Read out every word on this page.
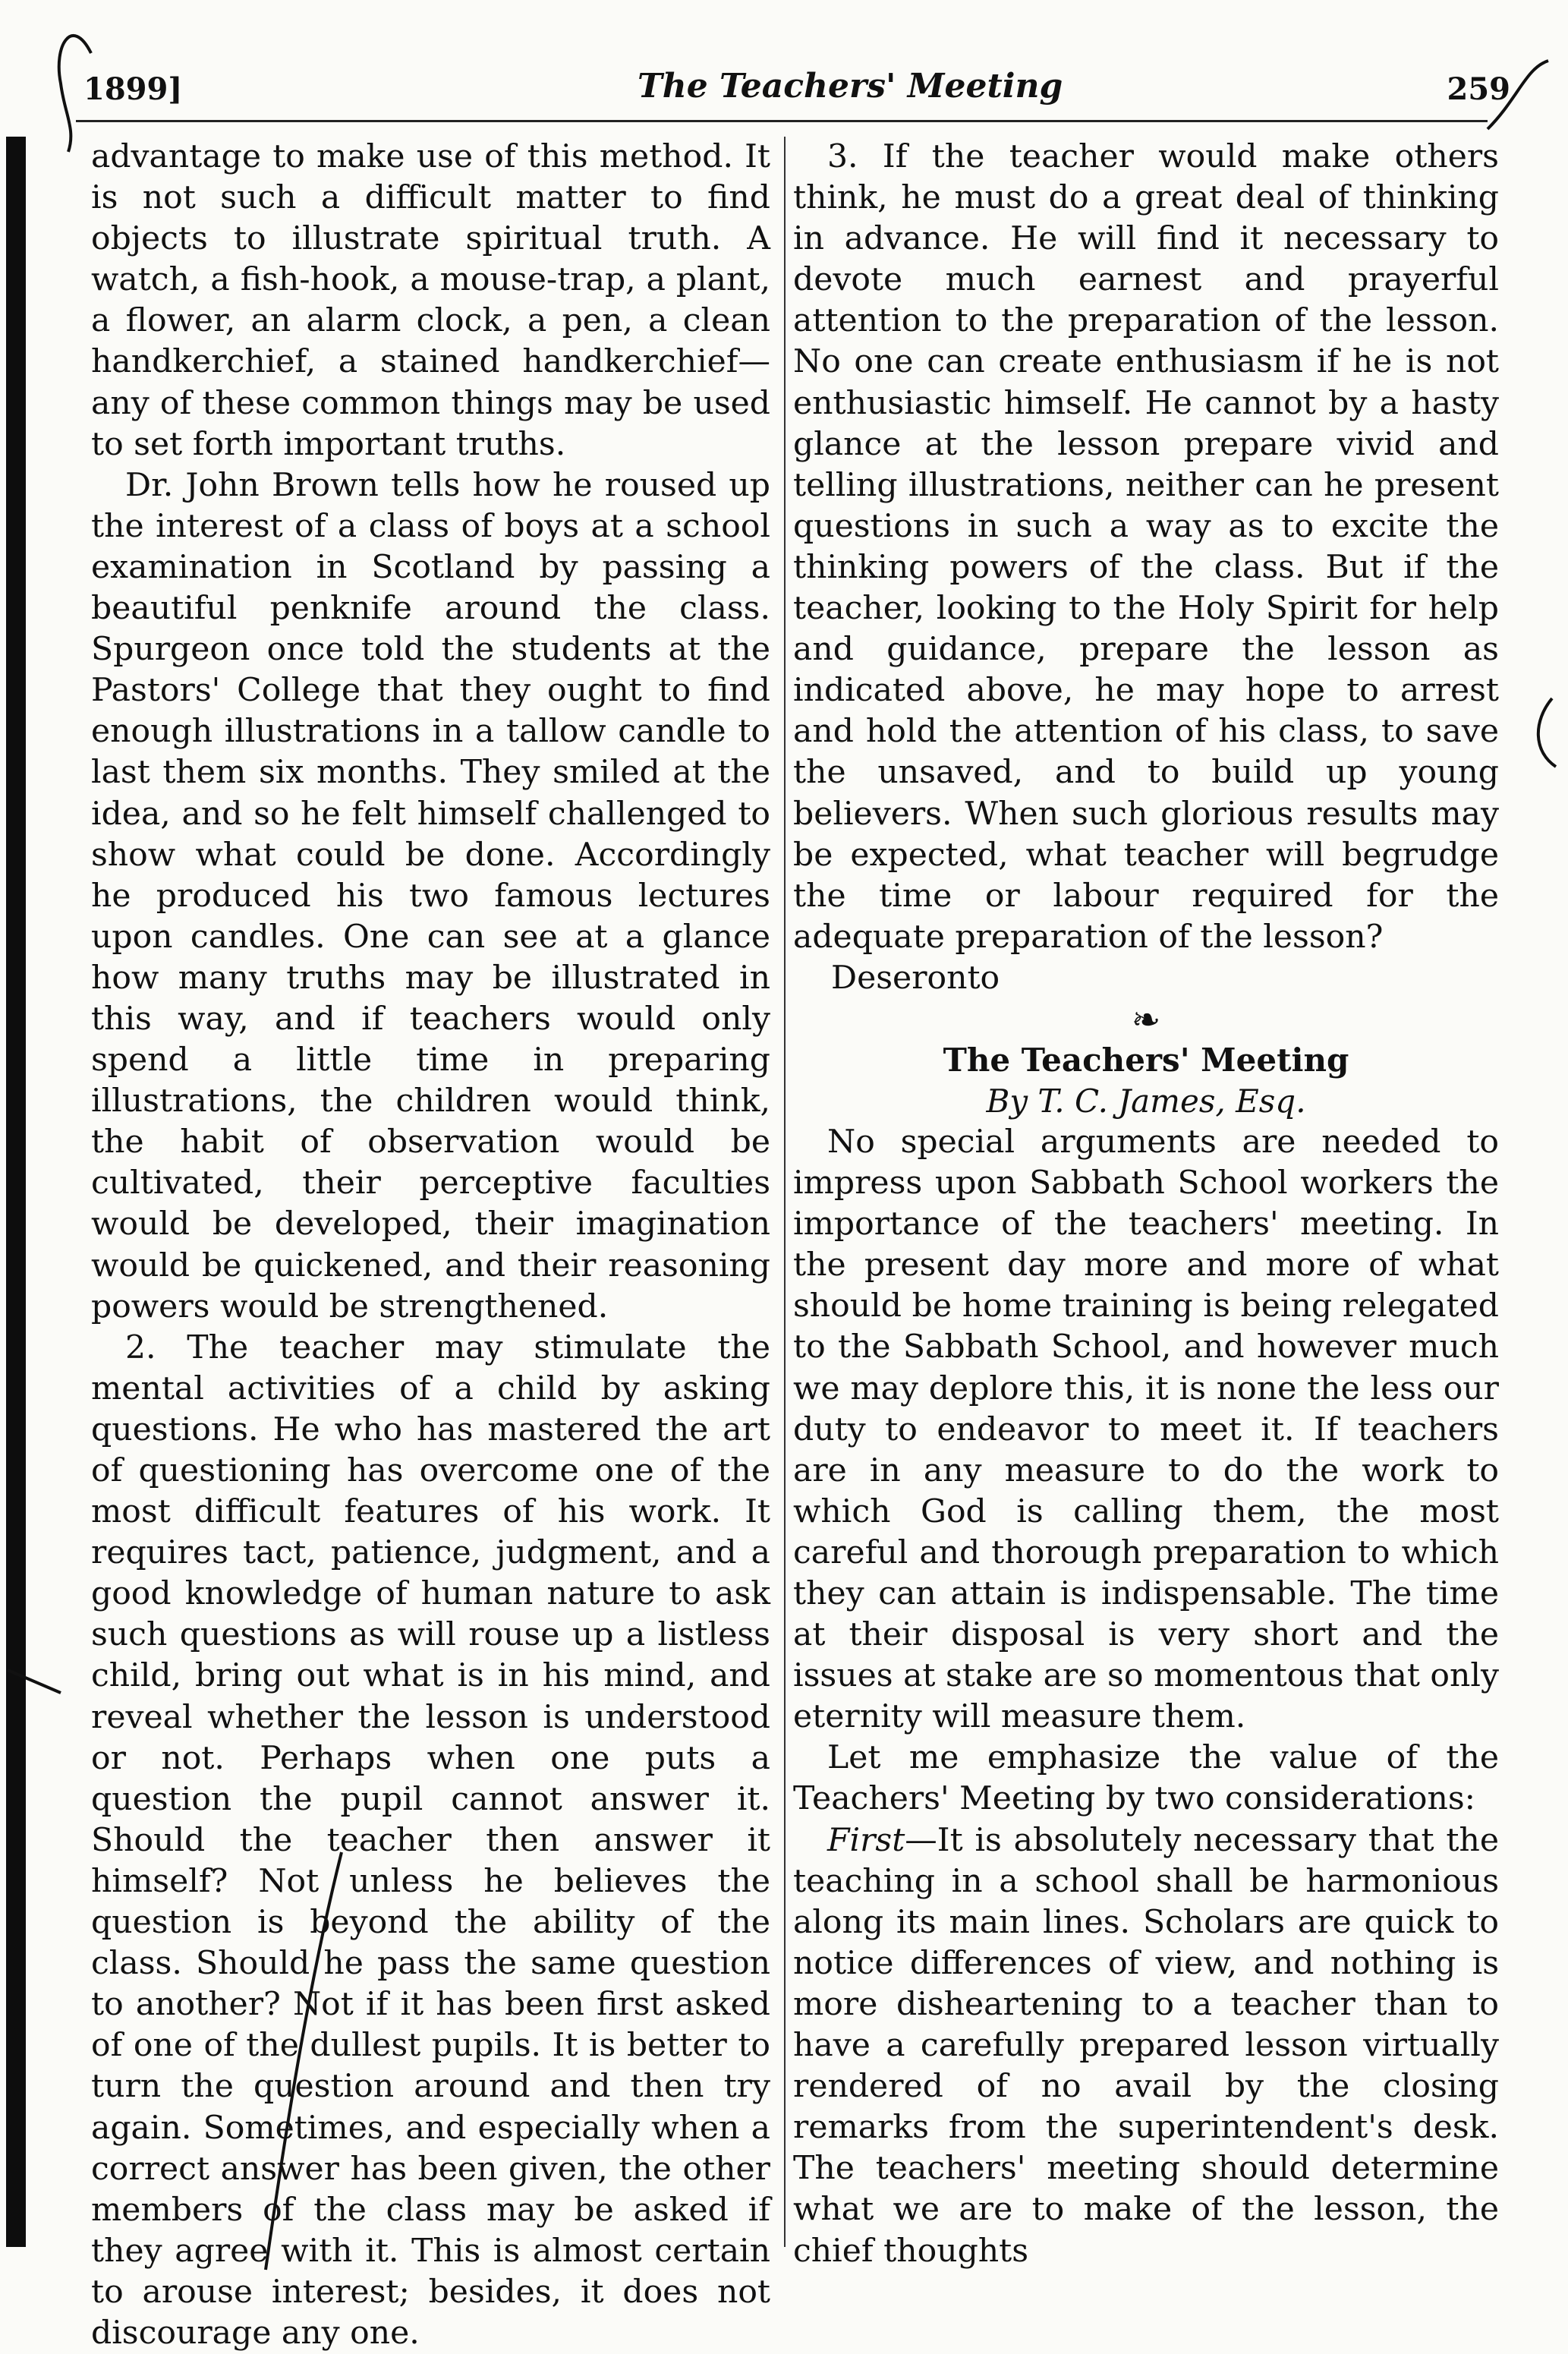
1899]	The Teachers' Meeting	259

advantage to make use of this method. It is not such a difficult matter to find objects to illustrate spiritual truth. A watch, a fish-hook, a mouse-trap, a plant, a flower, an alarm clock, a pen, a clean handkerchief, a stained handkerchief—any of these common things may be used to set forth important truths.

Dr. John Brown tells how he roused up the interest of a class of boys at a school examination in Scotland by passing a beautiful penknife around the class. Spurgeon once told the students at the Pastors' College that they ought to find enough illustrations in a tallow candle to last them six months. They smiled at the idea, and so he felt himself challenged to show what could be done. Accordingly he produced his two famous lectures upon candles. One can see at a glance how many truths may be illustrated in this way, and if teachers would only spend a little time in preparing illustrations, the children would think, the habit of observation would be cultivated, their perceptive faculties would be developed, their imagination would be quickened, and their reasoning powers would be strengthened.

2. The teacher may stimulate the mental activities of a child by asking questions. He who has mastered the art of questioning has overcome one of the most difficult features of his work. It requires tact, patience, judgment, and a good knowledge of human nature to ask such questions as will rouse up a listless child, bring out what is in his mind, and reveal whether the lesson is understood or not. Perhaps when one puts a question the pupil cannot answer it. Should the teacher then answer it himself? Not unless he believes the question is beyond the ability of the class. Should he pass the same question to another? Not if it has been first asked of one of the dullest pupils. It is better to turn the question around and then try again. Sometimes, and especially when a correct answer has been given, the other members of the class may be asked if they agree with it. This is almost certain to arouse interest; besides, it does not discourage any one.

3. If the teacher would make others think, he must do a great deal of thinking in advance. He will find it necessary to devote much earnest and prayerful attention to the preparation of the lesson. No one can create enthusiasm if he is not enthusiastic himself. He cannot by a hasty glance at the lesson prepare vivid and telling illustrations, neither can he present questions in such a way as to excite the thinking powers of the class. But if the teacher, looking to the Holy Spirit for help and guidance, prepare the lesson as indicated above, he may hope to arrest and hold the attention of his class, to save the unsaved, and to build up young believers. When such glorious results may be expected, what teacher will begrudge the time or labour required for the adequate preparation of the lesson?

Deseronto

❧
The Teachers' Meeting
By T. C. James, Esq.

No special arguments are needed to impress upon Sabbath School workers the importance of the teachers' meeting. In the present day more and more of what should be home training is being relegated to the Sabbath School, and however much we may deplore this, it is none the less our duty to endeavor to meet it. If teachers are in any measure to do the work to which God is calling them, the most careful and thorough preparation to which they can attain is indispensable. The time at their disposal is very short and the issues at stake are so momentous that only eternity will measure them.

Let me emphasize the value of the Teachers' Meeting by two considerations:

First—It is absolutely necessary that the teaching in a school shall be harmonious along its main lines. Scholars are quick to notice differences of view, and nothing is more disheartening to a teacher than to have a carefully prepared lesson virtually rendered of no avail by the closing remarks from the superintendent's desk. The teachers' meeting should determine what we are to make of the lesson, the chief thoughts
